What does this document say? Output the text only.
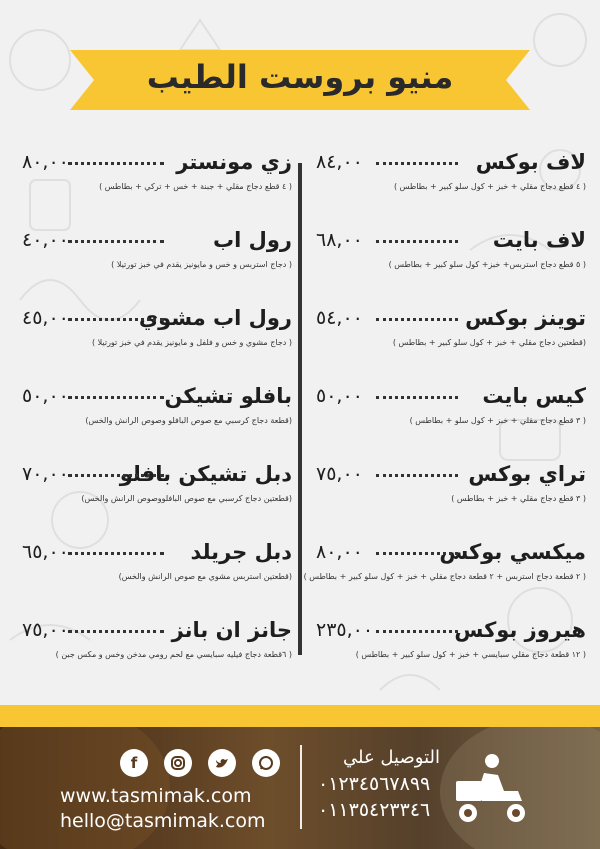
منيو بروست الطيب
لاف بوكس
٨٤,٠٠
( ٤ قطع دجاج مقلي + خبز + كول سلو كبير + بطاطس )
لاف بايت
٦٨,٠٠
( ٥ قطع دجاج استربس+ خبز+ كول سلو كبير + بطاطس )
توينز بوكس
٥٤,٠٠
(قطعتين دجاج مقلي + خبز + كول سلو كبير + بطاطس )
كيس بايت
٥٠,٠٠
( ٣ قطع دجاج مقلي + خبز + كول سلو + بطاطس )
تراي بوكس
٧٥,٠٠
( ٣ قطع دجاج مقلي + خبز + بطاطس )
ميكسي بوكس
٨٠,٠٠
( ٢ قطعة دجاج استربس + ٢ قطعة دجاج مقلي + خبز + كول سلو كبير + بطاطس )
هيروز بوكس
٢٣٥,٠٠
( ١٢ قطعة دجاج مقلي سبايسي + خبز + كول سلو كبير + بطاطس )
زي مونستر
٨٠,٠٠
( ٤ قطع دجاج مقلي + جبنة + خس + تركي + بطاطس )
رول اب
٤٠,٠٠
( دجاج استربس و خس و مايونيز يقدم في خبز تورتيلا )
رول اب مشوي
٤٥,٠٠
( دجاج مشوي و خس و فلفل و مايونيز يقدم في خبز تورتيلا )
بافلو تشيكن
٥٠,٠٠
(قطعة دجاج كرسبي مع صوص البافلو وصوص الرانش والخس)
دبل تشيكن بافلو
٧٠,٠٠
(قطعتين دجاج كرسبي مع صوص البافلووصوص الرانش والخس)
دبل جريلد
٦٥,٠٠
(قطعتين استربس مشوي مع صوص الرانش والخس)
جانز ان بانز
٧٥,٠٠
( ٦قطعة دجاج فيليه سبايسي مع لحم رومي مدخن وخس و مكس جبن )
f
www.tasmimak.com
hello@tasmimak.com
التوصيل علي
٠١٢٣٤٥٦٧٨٩٩
٠١١٣٥٤٢٣٣٤٦
